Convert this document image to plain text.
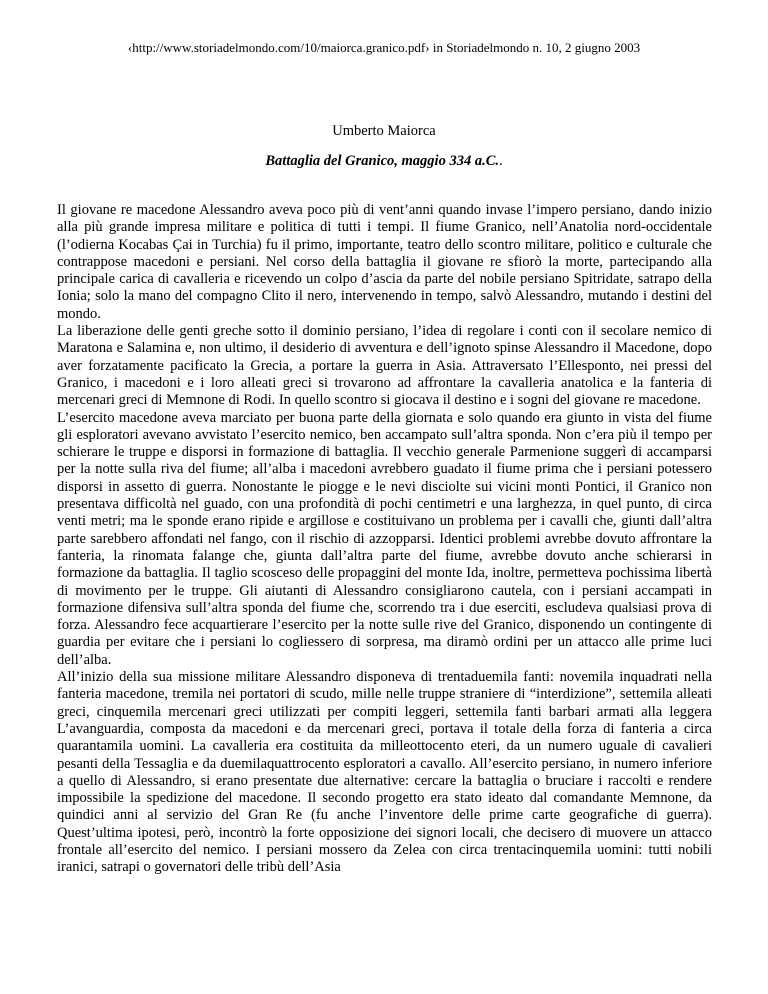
‹http://www.storiadelmondo.com/10/maiorca.granico.pdf› in Storiadelmondo n. 10, 2 giugno 2003
Umberto Maiorca
Battaglia del Granico, maggio 334 a.C..

Il giovane re macedone Alessandro aveva poco più di vent’anni quando invase l’impero persiano, dando inizio alla più grande impresa militare e politica di tutti i tempi. Il fiume Granico, nell’Anatolia nord-occidentale (l’odierna Kocabas Çai in Turchia) fu il primo, importante, teatro dello scontro militare, politico e culturale che contrappose macedoni e persiani. Nel corso della battaglia il giovane re sfiorò la morte, partecipando alla principale carica di cavalleria e ricevendo un colpo d’ascia da parte del nobile persiano Spitridate, satrapo della Ionia; solo la mano del compagno Clito il nero, intervenendo in tempo, salvò Alessandro, mutando i destini del mondo.

La liberazione delle genti greche sotto il dominio persiano, l’idea di regolare i conti con il secolare nemico di Maratona e Salamina e, non ultimo, il desiderio di avventura e dell’ignoto spinse Alessandro il Macedone, dopo aver forzatamente pacificato la Grecia, a portare la guerra in Asia. Attraversato l’Ellesponto, nei pressi del Granico, i macedoni e i loro alleati greci si trovarono ad affrontare la cavalleria anatolica e la fanteria di mercenari greci di Memnone di Rodi. In quello scontro si giocava il destino e i sogni del giovane re macedone.

L’esercito macedone aveva marciato per buona parte della giornata e solo quando era giunto in vista del fiume gli esploratori avevano avvistato l’esercito nemico, ben accampato sull’altra sponda. Non c’era più il tempo per schierare le truppe e disporsi in formazione di battaglia. Il vecchio generale Parmenione suggerì di accamparsi per la notte sulla riva del fiume; all’alba i macedoni avrebbero guadato il fiume prima che i persiani potessero disporsi in assetto di guerra. Nonostante le piogge e le nevi disciolte sui vicini monti Pontici, il Granico non presentava difficoltà nel guado, con una profondità di pochi centimetri e una larghezza, in quel punto, di circa venti metri; ma le sponde erano ripide e argillose e costituivano un problema per i cavalli che, giunti dall’altra parte sarebbero affondati nel fango, con il rischio di azzopparsi. Identici problemi avrebbe dovuto affrontare la fanteria, la rinomata falange che, giunta dall’altra parte del fiume, avrebbe dovuto anche schierarsi in formazione da battaglia. Il taglio scosceso delle propaggini del monte Ida, inoltre, permetteva pochissima libertà di movimento per le truppe. Gli aiutanti di Alessandro consigliarono cautela, con i persiani accampati in formazione difensiva sull’altra sponda del fiume che, scorrendo tra i due eserciti, escludeva qualsiasi prova di forza. Alessandro fece acquartierare l’esercito per la notte sulle rive del Granico, disponendo un contingente di guardia per evitare che i persiani lo cogliessero di sorpresa, ma diramò ordini per un attacco alle prime luci dell’alba.

All’inizio della sua missione militare Alessandro disponeva di trentaduemila fanti: novemila inquadrati nella fanteria macedone, tremila nei portatori di scudo, mille nelle truppe straniere di “interdizione”, settemila alleati greci, cinquemila mercenari greci utilizzati per compiti leggeri, settemila fanti barbari armati alla leggera L’avanguardia, composta da macedoni e da mercenari greci, portava il totale della forza di fanteria a circa quarantamila uomini. La cavalleria era costituita da milleottocento eteri, da un numero uguale di cavalieri pesanti della Tessaglia e da duemilaquattrocento esploratori a cavallo. All’esercito persiano, in numero inferiore a quello di Alessandro, si erano presentate due alternative: cercare la battaglia o bruciare i raccolti e rendere impossibile la spedizione del macedone. Il secondo progetto era stato ideato dal comandante Memnone, da quindici anni al servizio del Gran Re (fu anche l’inventore delle prime carte geografiche di guerra). Quest’ultima ipotesi, però, incontrò la forte opposizione dei signori locali, che decisero di muovere un attacco frontale all’esercito del nemico. I persiani mossero da Zelea con circa trentacinquemila uomini: tutti nobili iranici, satrapi o governatori delle tribù dell’Asia
